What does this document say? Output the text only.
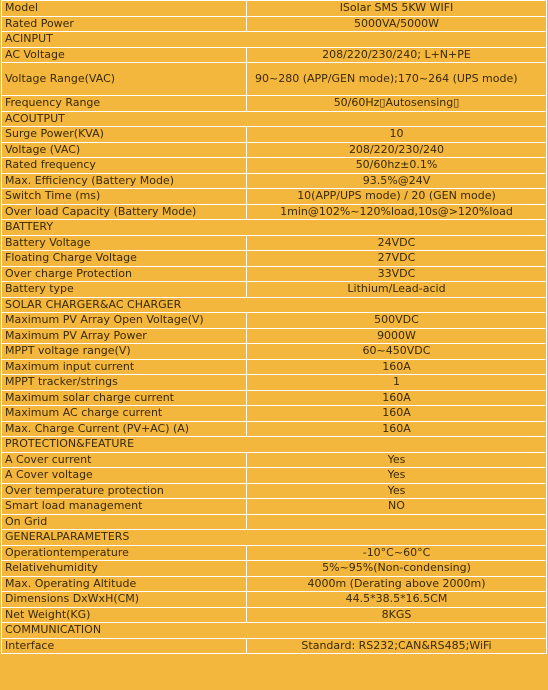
Model	ISolar SMS 5KW WIFI
Rated Power	5000VA/5000W
ACINPUT	
AC Voltage	208/220/230/240; L+N+PE
Voltage Range(VAC)	90~280 (APP/GEN mode);170~264 (UPS mode)
Frequency Range	50/60Hz▯Autosensing▯
ACOUTPUT	
Surge Power(KVA)	10
Voltage (VAC)	208/220/230/240
Rated frequency	50/60hz±0.1%
Max. Efficiency (Battery Mode)	93.5%@24V
Switch Time (ms)	10(APP/UPS mode) / 20 (GEN mode)
Over load Capacity (Battery Mode)	1min@102%~120%load,10s@>120%load
BATTERY	
Battery Voltage	24VDC
Floating Charge Voltage	27VDC
Over charge Protection	33VDC
Battery type	Lithium/Lead-acid
SOLAR CHARGER&AC CHARGER	
Maximum PV Array Open Voltage(V)	500VDC
Maximum PV Array Power	9000W
MPPT voltage range(V)	60~450VDC
Maximum input current	160A
MPPT tracker/strings	1
Maximum solar charge current	160A
Maximum AC charge current	160A
Max. Charge Current (PV+AC) (A)	160A
PROTECTION&FEATURE	
A Cover current	Yes
A Cover voltage	Yes
Over temperature protection	Yes
Smart load management	NO
On Grid	
GENERALPARAMETERS	
Operationtemperature	-10°C~60°C
Relativehumidity	5%~95%(Non-condensing)
Max. Operating Altitude	4000m (Derating above 2000m)
Dimensions DxWxH(CM)	44.5*38.5*16.5CM
Net Weight(KG)	8KGS
COMMUNICATION	
Interface	Standard: RS232;CAN&RS485;WiFi
